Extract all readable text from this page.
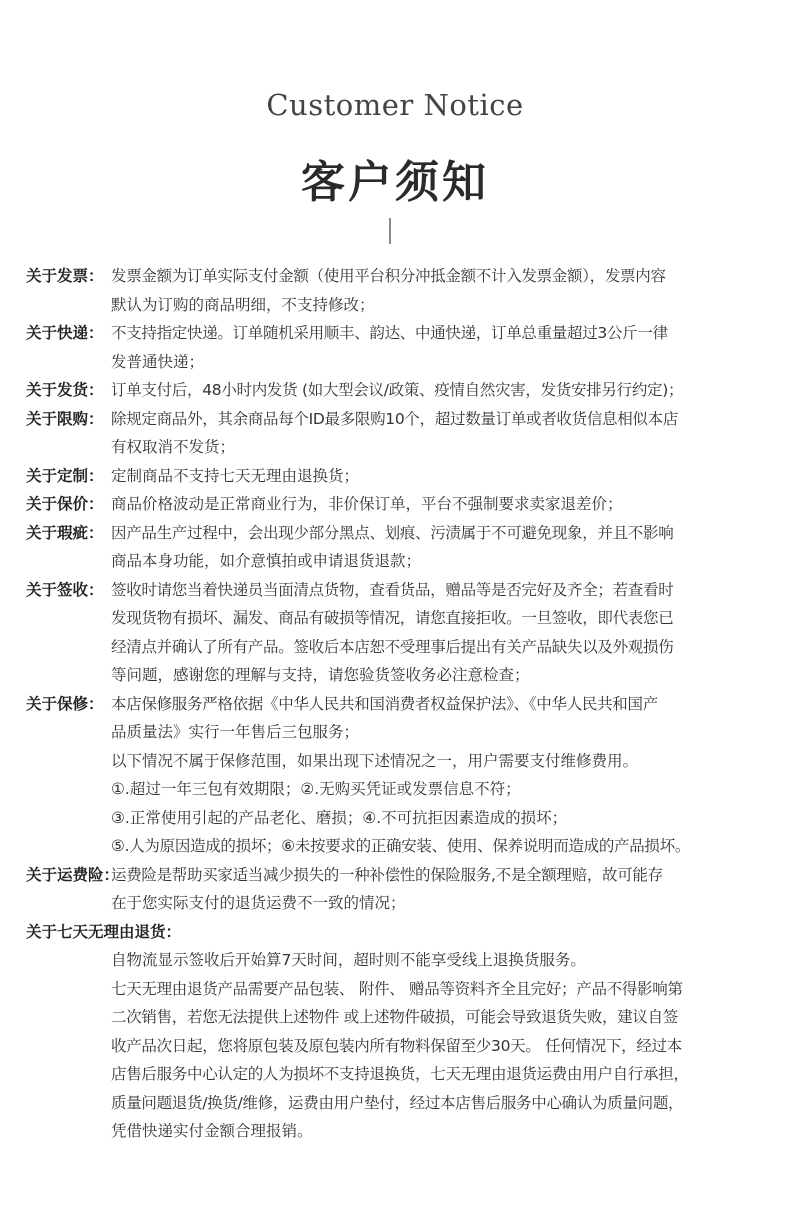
Customer Notice
客户须知
关于发票： 发票金额为订单实际支付金额（使用平台积分冲抵金额不计入发票金额），发票内容
默认为订购的商品明细，不支持修改；
关于快递： 不支持指定快递。订单随机采用顺丰、韵达、中通快递，订单总重量超过3公斤一律
发普通快递；
关于发货： 订单支付后，48小时内发货 (如大型会议/政策、疫情自然灾害，发货安排另行约定)；
关于限购： 除规定商品外，其余商品每个ID最多限购10个，超过数量订单或者收货信息相似本店
有权取消不发货；
关于定制： 定制商品不支持七天无理由退换货；
关于保价： 商品价格波动是正常商业行为，非价保订单，平台不强制要求卖家退差价；
关于瑕疵： 因产品生产过程中，会出现少部分黑点、划痕、污渍属于不可避免现象，并且不影响
商品本身功能，如介意慎拍或申请退货退款；
关于签收： 签收时请您当着快递员当面清点货物，查看货品，赠品等是否完好及齐全；若查看时
发现货物有损坏、漏发、商品有破损等情况，请您直接拒收。一旦签收，即代表您已
经清点并确认了所有产品。签收后本店恕不受理事后提出有关产品缺失以及外观损伤
等问题，感谢您的理解与支持，请您验货签收务必注意检查；
关于保修： 本店保修服务严格依据《中华人民共和国消费者权益保护法》、《中华人民共和国产
品质量法》实行一年售后三包服务；
以下情况不属于保修范围，如果出现下述情况之一，用户需要支付维修费用。
①.超过一年三包有效期限；②.无购买凭证或发票信息不符；
③.正常使用引起的产品老化、磨损；④.不可抗拒因素造成的损坏；
⑤.人为原因造成的损坏；⑥未按要求的正确安装、使用、保养说明而造成的产品损坏。
关于运费险：
运费险是帮助买家适当减少损失的一种补偿性的保险服务,不是全额理赔，故可能存
在于您实际支付的退货运费不一致的情况；
关于七天无理由退货：
自物流显示签收后开始算7天时间，超时则不能享受线上退换货服务。
七天无理由退货产品需要产品包装、 附件、 赠品等资料齐全且完好；产品不得影响第
二次销售，若您无法提供上述物件 或上述物件破损，可能会导致退货失败，建议自签
收产品次日起，您将原包装及原包装内所有物料保留至少30天。 任何情况下，经过本
店售后服务中心认定的人为损坏不支持退换货，七天无理由退货运费由用户自行承担，
质量问题退货/换货/维修，运费由用户垫付，经过本店售后服务中心确认为质量问题，
凭借快递实付金额合理报销。
